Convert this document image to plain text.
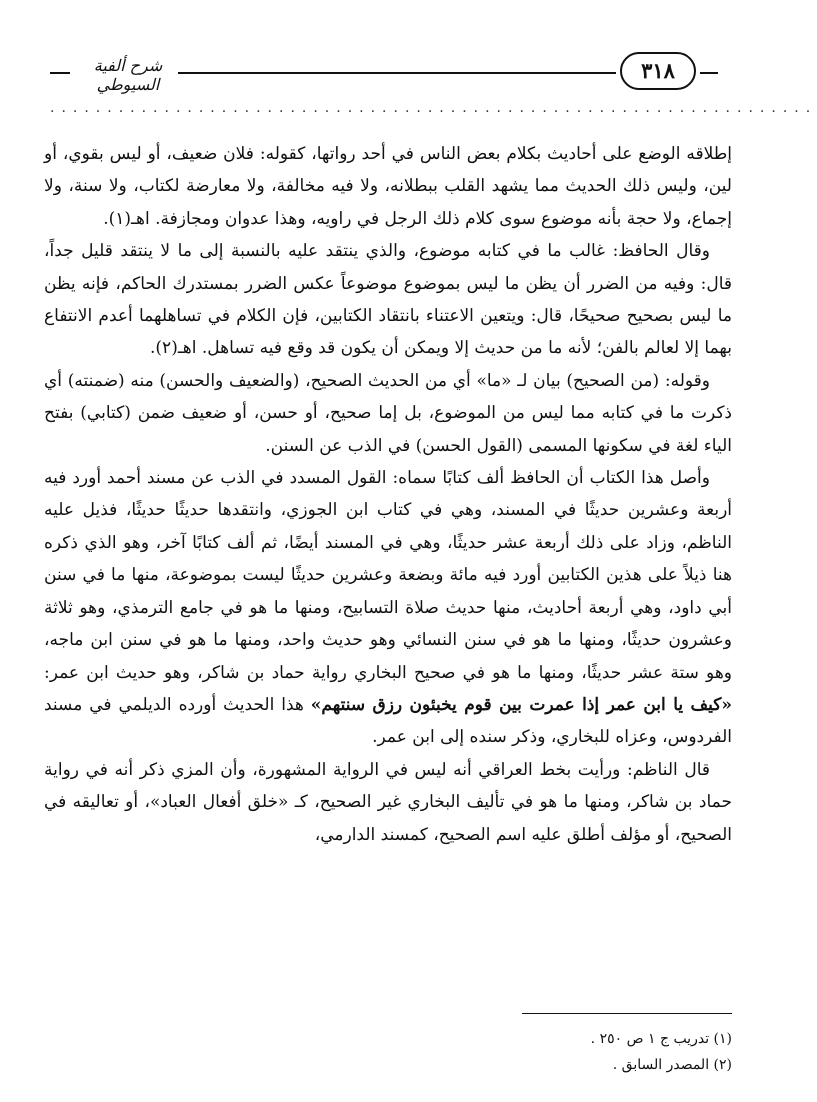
شرح ألفية السيوطي
٣١٨
...................................................................

إطلاقه الوضع على أحاديث بكلام بعض الناس في أحد رواتها، كقوله: فلان ضعيف، أو ليس بقوي، أو لين، وليس ذلك الحديث مما يشهد القلب ببطلانه، ولا فيه مخالفة، ولا معارضة لكتاب، ولا سنة، ولا إجماع، ولا حجة بأنه موضوع سوى كلام ذلك الرجل في راويه، وهذا عدوان ومجازفة. اهـ(١).

وقال الحافظ: غالب ما في كتابه موضوع، والذي ينتقد عليه بالنسبة إلى ما لا ينتقد قليل جداً، قال: وفيه من الضرر أن يظن ما ليس بموضوع موضوعاً عكس الضرر بمستدرك الحاكم، فإنه يظن ما ليس بصحيح صحيحًا، قال: ويتعين الاعتناء بانتقاد الكتابين، فإن الكلام في تساهلهما أعدم الانتفاع بهما إلا لعالم بالفن؛ لأنه ما من حديث إلا ويمكن أن يكون قد وقع فيه تساهل. اهـ(٢).

وقوله: (من الصحيح) بيان لـ «ما» أي من الحديث الصحيح، (والضعيف والحسن) منه (ضمنته) أي ذكرت ما في كتابه مما ليس من الموضوع، بل إما صحيح، أو حسن، أو ضعيف ضمن (كتابي) بفتح الياء لغة في سكونها المسمى (القول الحسن) في الذب عن السنن.

وأصل هذا الكتاب أن الحافظ ألف كتابًا سماه: القول المسدد في الذب عن مسند أحمد أورد فيه أربعة وعشرين حديثًا في المسند، وهي في كتاب ابن الجوزي، وانتقدها حديثًا حديثًا، فذيل عليه الناظم، وزاد على ذلك أربعة عشر حديثًا، وهي في المسند أيضًا، ثم ألف كتابًا آخر، وهو الذي ذكره هنا ذيلاً على هذين الكتابين أورد فيه مائة وبضعة وعشرين حديثًا ليست بموضوعة، منها ما في سنن أبي داود، وهي أربعة أحاديث، منها حديث صلاة التسابيح، ومنها ما هو في جامع الترمذي، وهو ثلاثة وعشرون حديثًا، ومنها ما هو في سنن النسائي وهو حديث واحد، ومنها ما هو في سنن ابن ماجه، وهو ستة عشر حديثًا، ومنها ما هو في صحيح البخاري رواية حماد بن شاكر، وهو حديث ابن عمر: «كيف يا ابن عمر إذا عمرت بين قوم يخبئون رزق سنتهم» هذا الحديث أورده الديلمي في مسند الفردوس، وعزاه للبخاري، وذكر سنده إلى ابن عمر.

قال الناظم: ورأيت بخط العراقي أنه ليس في الرواية المشهورة، وأن المزي ذكر أنه في رواية حماد بن شاكر، ومنها ما هو في تأليف البخاري غير الصحيح، كـ «خلق أفعال العباد»، أو تعاليقه في الصحيح، أو مؤلف أطلق عليه اسم الصحيح، كمسند الدارمي،

(١) تدريب ج ١ ص ٢٥٠ .
(٢) المصدر السابق .
